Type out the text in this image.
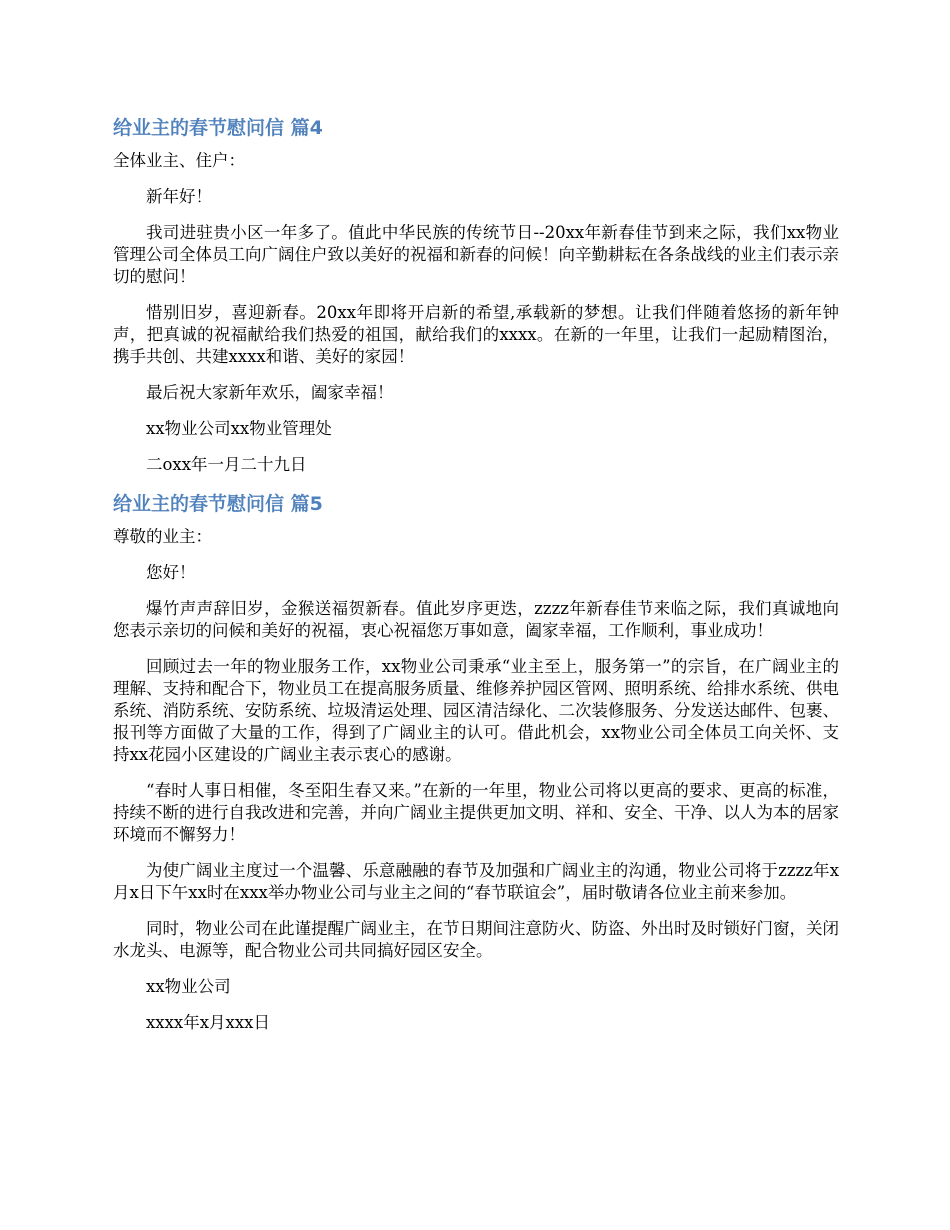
给业主的春节慰问信 篇4
全体业主、住户：
新年好！
我司进驻贵小区一年多了。值此中华民族的传统节日--20xx年新春佳节到来之际，我们xx物业管理公司全体员工向广阔住户致以美好的祝福和新春的问候！向辛勤耕耘在各条战线的业主们表示亲切的慰问！
惜别旧岁，喜迎新春。20xx年即将开启新的希望,承载新的梦想。让我们伴随着悠扬的新年钟声，把真诚的祝福献给我们热爱的祖国，献给我们的xxxx。在新的一年里，让我们一起励精图治，携手共创、共建xxxx和谐、美好的家园！
最后祝大家新年欢乐，阖家幸福！
xx物业公司xx物业管理处
二oxx年一月二十九日
给业主的春节慰问信 篇5
尊敬的业主：
您好！
爆竹声声辞旧岁，金猴送福贺新春。值此岁序更迭，zzzz年新春佳节来临之际，我们真诚地向您表示亲切的问候和美好的祝福，衷心祝福您万事如意，阖家幸福，工作顺利，事业成功！
回顾过去一年的物业服务工作，xx物业公司秉承“业主至上，服务第一”的宗旨，在广阔业主的理解、支持和配合下，物业员工在提高服务质量、维修养护园区管网、照明系统、给排水系统、供电系统、消防系统、安防系统、垃圾清运处理、园区清洁绿化、二次装修服务、分发送达邮件、包裹、报刊等方面做了大量的工作，得到了广阔业主的认可。借此机会，xx物业公司全体员工向关怀、支持xx花园小区建设的广阔业主表示衷心的感谢。
“春时人事日相催，冬至阳生春又来。”在新的一年里，物业公司将以更高的要求、更高的标准，持续不断的进行自我改进和完善，并向广阔业主提供更加文明、祥和、安全、干净、以人为本的居家环境而不懈努力！
为使广阔业主度过一个温馨、乐意融融的春节及加强和广阔业主的沟通，物业公司将于zzzz年x月x日下午xx时在xxx举办物业公司与业主之间的“春节联谊会”，届时敬请各位业主前来参加。
同时，物业公司在此谨提醒广阔业主，在节日期间注意防火、防盗、外出时及时锁好门窗，关闭水龙头、电源等，配合物业公司共同搞好园区安全。
xx物业公司
xxxx年x月xxx日
